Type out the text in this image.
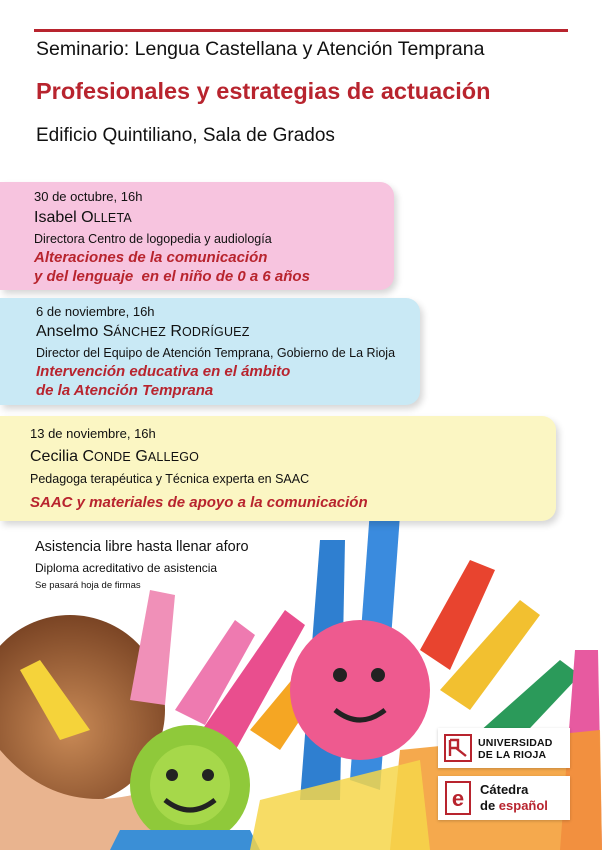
Seminario: Lengua Castellana y Atención Temprana
Profesionales y estrategias de actuación
Edificio Quintiliano, Sala de Grados
30 de octubre, 16h
Isabel OLLETA
Directora Centro de logopedia y audiología
Alteraciones de la comunicación
y del lenguaje  en el niño de 0 a 6 años
6 de noviembre, 16h
Anselmo SÁNCHEZ RODRÍGUEZ
Director del Equipo de Atención Temprana, Gobierno de La Rioja
Intervención educativa en el ámbito
de la Atención Temprana
13 de noviembre, 16h
Cecilia CONDE GALLEGO
Pedagoga terapéutica y Técnica experta en SAAC
SAAC y materiales de apoyo a la comunicación
Asistencia libre hasta llenar aforo
Diploma acreditativo de asistencia
Se pasará hoja de firmas
UNIVERSIDAD
DE LA RIOJA
e Cátedra
de español
